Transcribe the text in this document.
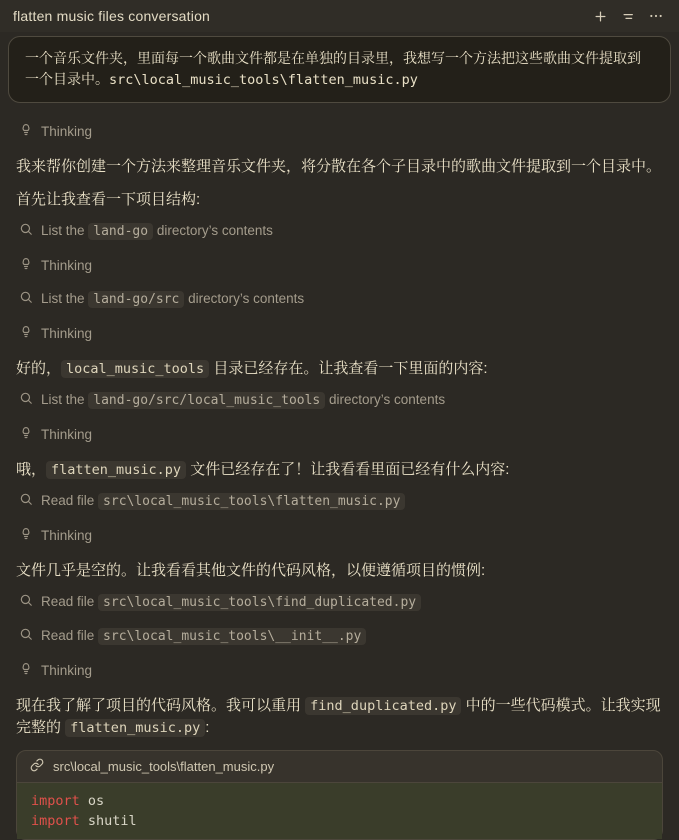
flatten music files conversation
一个音乐文件夹，里面每一个歌曲文件都是在单独的目录里，我想写一个方法把这些歌曲文件提取到一个目录中。src\local_music_tools\flatten_music.py
Thinking
我来帮你创建一个方法来整理音乐文件夹，将分散在各个子目录中的歌曲文件提取到一个目录中。
首先让我查看一下项目结构:
List the land-go directory’s contents
Thinking
List the land-go/src directory’s contents
Thinking
好的， local_music_tools 目录已经存在。让我查看一下里面的内容:
List the land-go/src/local_music_tools directory’s contents
Thinking
哦， flatten_music.py 文件已经存在了！让我看看里面已经有什么内容:
Read file src\local_music_tools\flatten_music.py
Thinking
文件几乎是空的。让我看看其他文件的代码风格，以便遵循项目的惯例:
Read file src\local_music_tools\find_duplicated.py
Read file src\local_music_tools\__init__.py
Thinking
现在我了解了项目的代码风格。我可以重用 find_duplicated.py 中的一些代码模式。让我实现完整的 flatten_music.py :
src\local_music_tools\flatten_music.py
import os
import shutil
